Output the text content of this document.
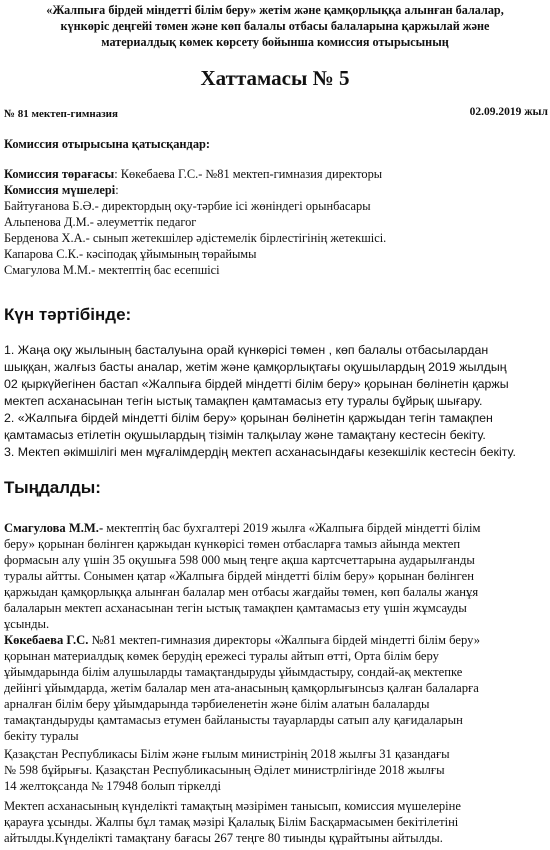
«Жалпыға бірдей міндетті білім беру» жетім және қамқорлыққа алынған балалар,
күнкөріс деңгейі төмен және көп балалы отбасы балаларына қаржылай және
материалдық көмек көрсету бойынша комиссия отырысының
Хаттамасы № 5
№ 81 мектеп-гимназия	02.09.2019 жыл
Комиссия отырысына қатысқандар:
Комиссия төрағасы: Көкебаева Г.С.- №81 мектеп-гимназия директоры
Комиссия мүшелері:
Байтуғанова Б.Ә.- директордың оқу-тәрбие ісі жөніндегі орынбасары
Альпенова Д.М.- әлеуметтік педагог
Берденова Х.А.- сынып жетекшілер әдістемелік бірлестігінің жетекшісі.
Капарова С.К.- кәсіподақ ұйымының төрайымы
Смагулова М.М.- мектептің бас есепшісі
Күн тәртібінде:
1. Жаңа оқу жылының басталуына орай күнкөрісі төмен , көп балалы отбасылардан
шыққан, жалғыз басты аналар, жетім және қамқорлықтағы оқушылардың 2019 жылдың
02 қыркүйегінен бастап «Жалпыға бірдей міндетті білім беру» қорынан бөлінетін қаржы
мектеп асханасынан тегін ыстық тамақпен қамтамасыз ету туралы бұйрық шығару.
2. «Жалпыға бірдей міндетті білім беру» қорынан бөлінетін қаржыдан тегін тамақпен
қамтамасыз етілетін оқушылардың тізімін талқылау және тамақтану кестесін бекіту.
3. Мектеп әкімшілігі мен мұғалімдердің мектеп асханасындағы кезекшілік кестесін бекіту.
Тыңдалды:
Смагулова М.М.- мектептің бас бухгалтері 2019 жылға «Жалпыға бірдей міндетті білім
беру» қорынан бөлінген қаржыдан күнкөрісі төмен отбасларға тамыз айында мектеп
формасын алу үшін 35 оқушыға 598 000 мың теңге ақша картсчеттарына аударылғанды
туралы айтты. Сонымен қатар «Жалпыға бірдей міндетті білім беру» қорынан бөлінген
қаржыдан қамқорлыққа алынған балалар мен отбасы жағдайы төмен, көп балалы жанұя
балаларын мектеп асханасынан тегін ыстық тамақпен қамтамасыз ету үшін жұмсауды
ұсынды.
Көкебаева Г.С. №81 мектеп-гимназия директоры «Жалпыға бірдей міндетті білім беру»
қорынан материалдық көмек берудің ережесі туралы айтып өтті, Орта білім беру
ұйымдарында білім алушыларды тамақтандыруды ұйымдастыру, сондай-ақ мектепке
дейінгі ұйымдарда, жетім балалар мен ата-анасының қамқорлығынсыз қалған балаларға
арналған білім беру ұйымдарында тәрбиеленетін және білім алатын балаларды
тамақтандыруды қамтамасыз етумен байланысты тауарларды сатып алу қағидаларын
бекіту туралы
Қазақстан Республикасы Білім және ғылым министрінің 2018 жылғы 31 қазандағы
№ 598 бұйрығы. Қазақстан Республикасының Әділет министрлігінде 2018 жылғы
14 желтоқсанда № 17948 болып тіркелді
Мектеп асханасының күнделікті тамақтың мәзірімен танысып, комиссия мүшелеріне
қарауға ұсынды. Жалпы бұл тамақ мәзірі Қалалық Білім Басқармасымен бекітілетіні
айтылды.Күнделікті тамақтану бағасы 267 теңге 80 тиынды құрайтыны айтылды.
